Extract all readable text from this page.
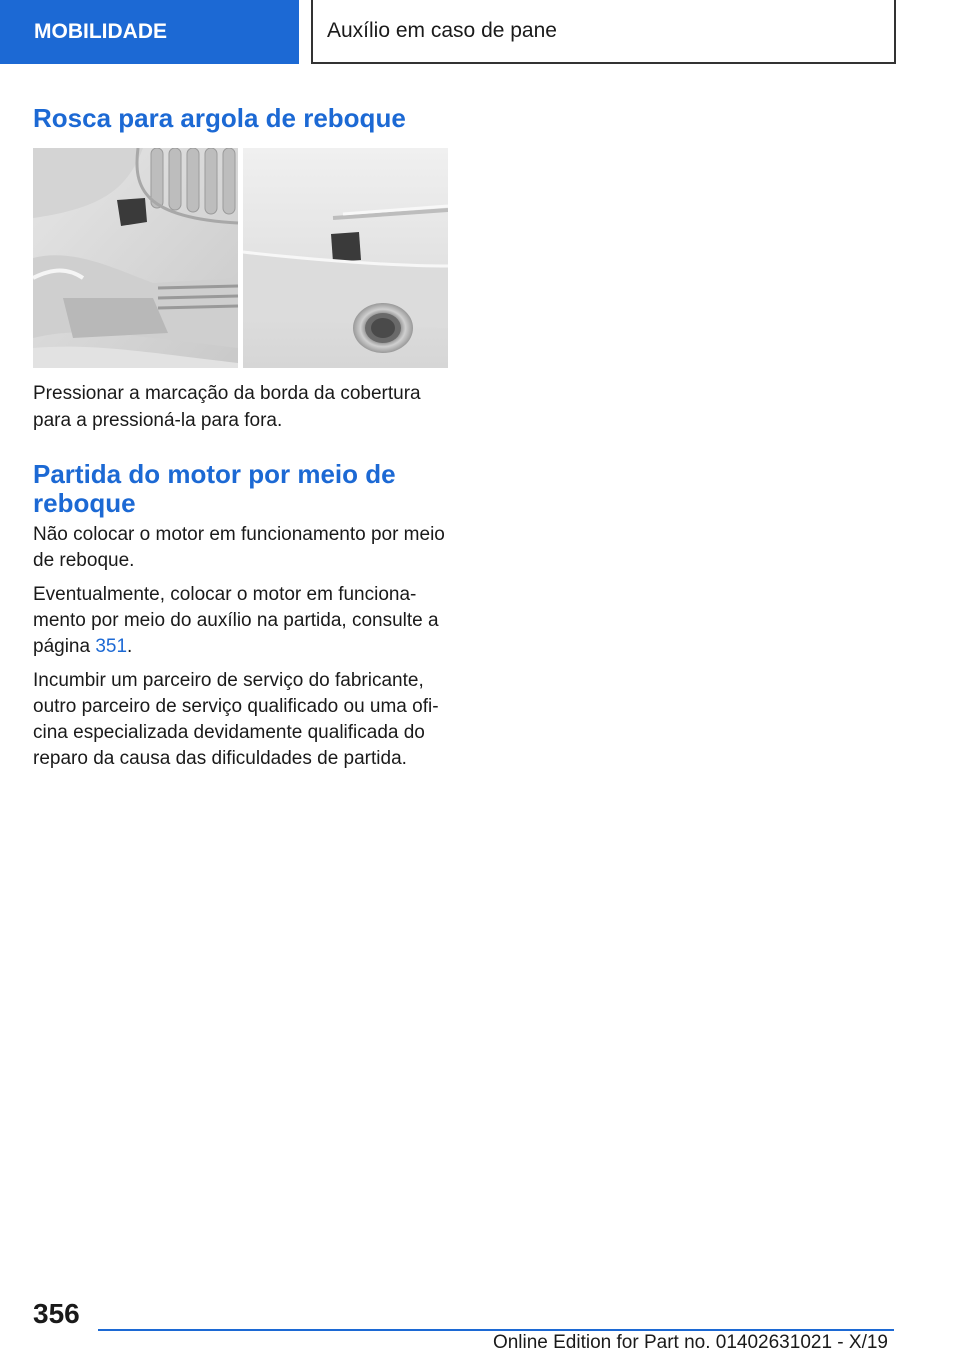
MOBILIDADE	Auxílio em caso de pane
Rosca para argola de reboque

Pressionar a marcação da borda da cobertura para a pressioná-la para fora.

Partida do motor por meio de reboque

Não colocar o motor em funcionamento por meio de reboque.

Eventualmente, colocar o motor em funciona-mento por meio do auxílio na partida, consulte a página 351.

Incumbir um parceiro de serviço do fabricante, outro parceiro de serviço qualificado ou uma ofi-cina especializada devidamente qualificada do reparo da causa das dificuldades de partida.

356
Online Edition for Part no. 01402631021 - X/19
